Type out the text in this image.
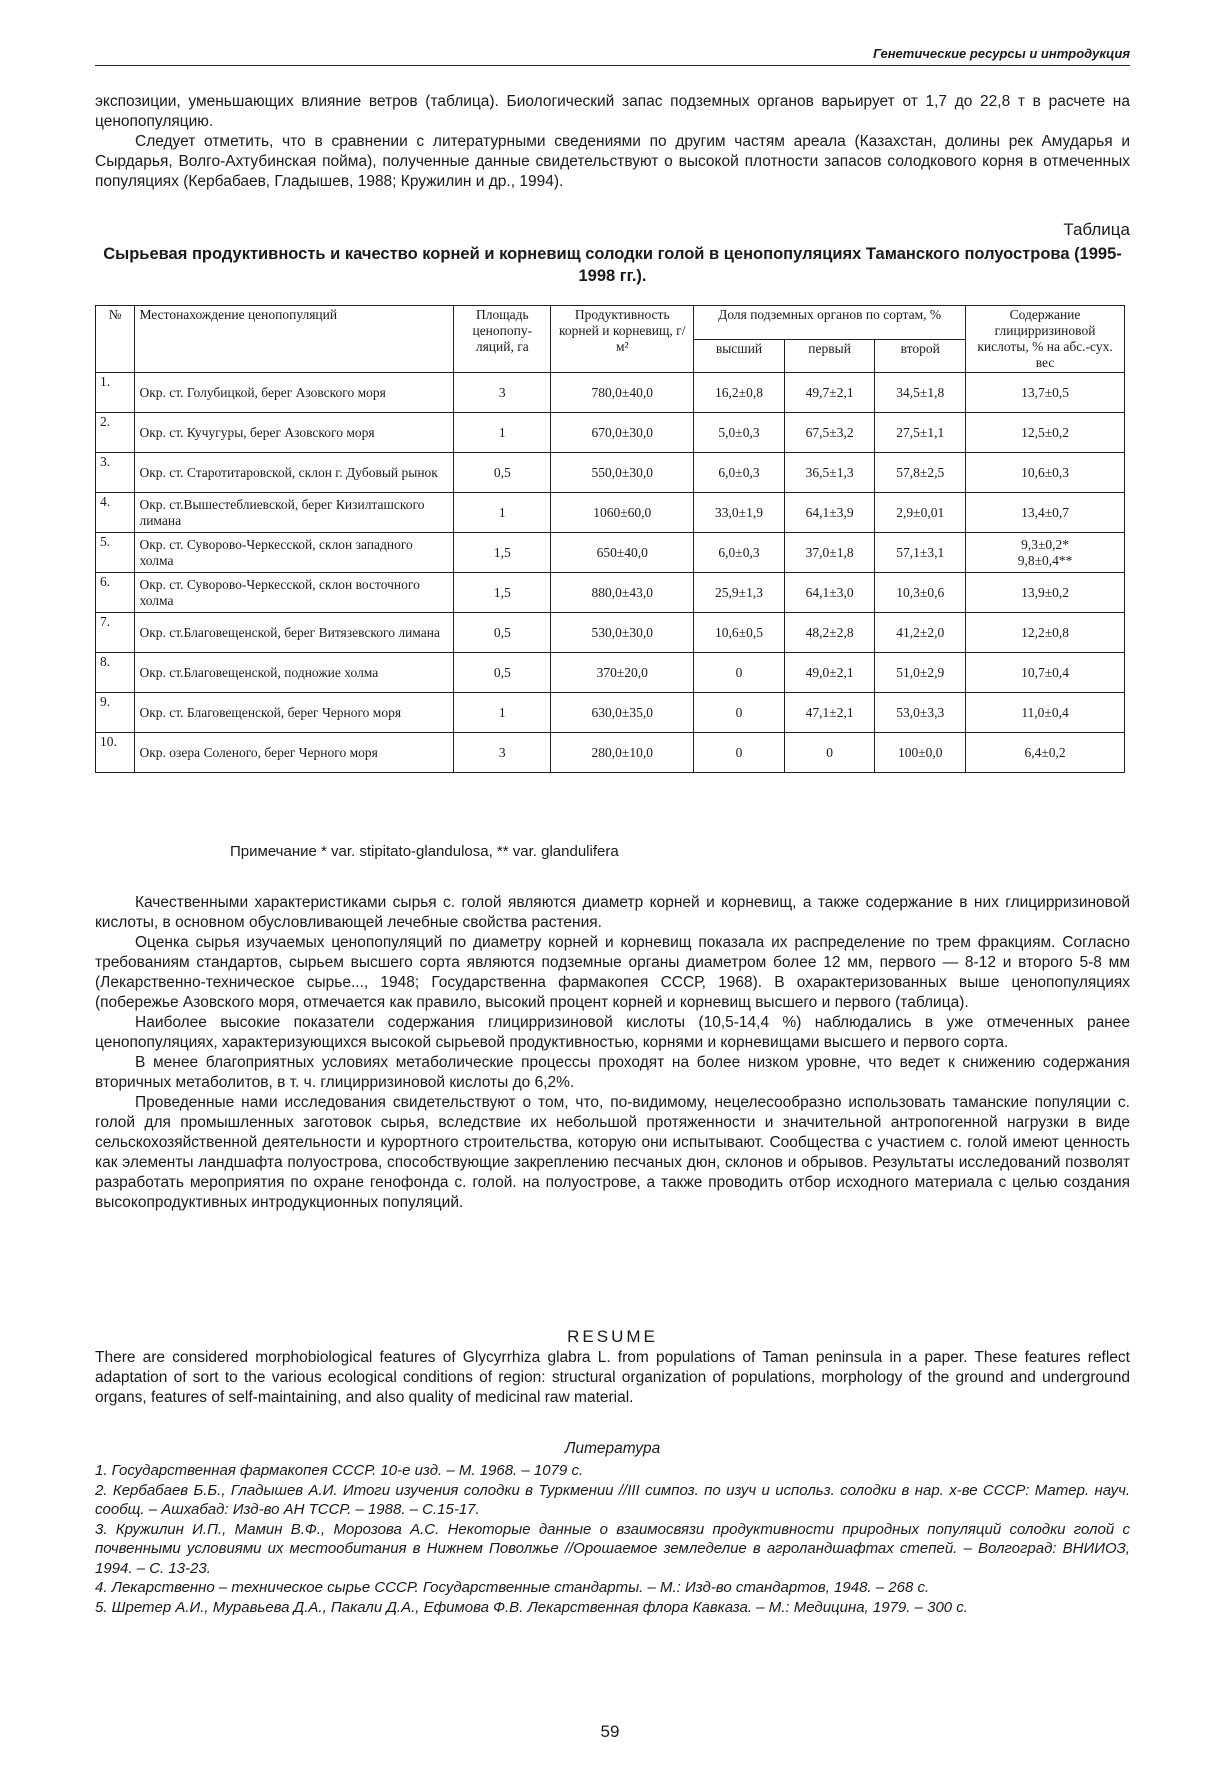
Генетические ресурсы и интродукция

экспозиции, уменьшающих влияние ветров (таблица). Биологический запас подземных органов варьирует от 1,7 до 22,8 т в расчете на ценопопуляцию.

Следует отметить, что в сравнении с литературными сведениями по другим частям ареала (Казахстан, долины рек Амударья и Сырдарья, Волго-Ахтубинская пойма), полученные данные свидетельствуют о высокой плотности запасов солодкового корня в отмеченных популяциях (Кербабаев, Гладышев, 1988; Кружилин и др., 1994).

Таблица
Сырьевая продуктивность и качество корней и корневищ солодки голой в ценопопуляциях Таманского полуострова (1995-1998 гг.).
№	Местонахождение ценопопуляций	Площадь ценопопу-ляций, га	Продуктивность корней и корневищ, г/м²	Доля подземных органов по сортам, %			Содержание глицирризиновой кислоты, % на абс.-сух. вес
				высший	первый	второй	
1.	Окр. ст. Голубицкой, берег Азовского моря	3	780,0±40,0	16,2±0,8	49,7±2,1	34,5±1,8	13,7±0,5
2.	Окр. ст. Кучугуры, берег Азовского моря	1	670,0±30,0	5,0±0,3	67,5±3,2	27,5±1,1	12,5±0,2
3.	Окр. ст. Старотитаровской, склон г. Дубовый рынок	0,5	550,0±30,0	6,0±0,3	36,5±1,3	57,8±2,5	10,6±0,3
4.	Окр. ст.Вышестеблиевской, берег Кизилташского лимана	1	1060±60,0	33,0±1,9	64,1±3,9	2,9±0,01	13,4±0,7
5.	Окр. ст. Суворово-Черкесской, склон западного холма	1,5	650±40,0	6,0±0,3	37,0±1,8	57,1±3,1	9,3±0,2*
9,8±0,4**

6.	Окр. ст. Суворово-Черкесской, склон восточного холма	1,5	880,0±43,0	25,9±1,3	64,1±3,0	10,3±0,6	13,9±0,2
7.	Окр. ст.Благовещенской, берег Витязевского лимана	0,5	530,0±30,0	10,6±0,5	48,2±2,8	41,2±2,0	12,2±0,8
8.	Окр. ст.Благовещенской, подножие холма	0,5	370±20,0	0	49,0±2,1	51,0±2,9	10,7±0,4
9.	Окр. ст. Благовещенской, берег Черного моря	1	630,0±35,0	0	47,1±2,1	53,0±3,3	11,0±0,4
10.	Окр. озера Соленого, берег Черного моря	3	280,0±10,0	0	0	100±0,0	6,4±0,2
Примечание * var. stipitato-glandulosa, ** var. glandulifera

Качественными характеристиками сырья с. голой являются диаметр корней и корневищ, а также содержание в них глицирризиновой кислоты, в основном обусловливающей лечебные свойства растения.

Оценка сырья изучаемых ценопопуляций по диаметру корней и корневищ показала их распределение по трем фракциям. Согласно требованиям стандартов, сырьем высшего сорта являются подземные органы диаметром более 12 мм, первого — 8-12 и второго 5-8 мм (Лекарственно-техническое сырье..., 1948; Государственна фармакопея СССР, 1968). В охарактеризованных выше ценопопуляциях (побережье Азовского моря, отмечается как правило, высокий процент корней и корневищ высшего и первого (таблица).

Наиболее высокие показатели содержания глицирризиновой кислоты (10,5-14,4 %) наблюдались в уже отмеченных ранее ценопопуляциях, характеризующихся высокой сырьевой продуктивностью, корнями и корневищами высшего и первого сорта.

В менее благоприятных условиях метаболические процессы проходят на более низком уровне, что ведет к снижению содержания вторичных метаболитов, в т. ч. глицирризиновой кислоты до 6,2%.

Проведенные нами исследования свидетельствуют о том, что, по-видимому, нецелесообразно использовать таманские популяции с. голой для промышленных заготовок сырья, вследствие их небольшой протяженности и значительной антропогенной нагрузки в виде сельскохозяйственной деятельности и курортного строительства, которую они испытывают. Сообщества с участием с. голой имеют ценность как элементы ландшафта полуострова, способствующие закреплению песчаных дюн, склонов и обрывов. Результаты исследований позволят разработать мероприятия по охране генофонда с. голой. на полуострове, а также проводить отбор исходного материала с целью создания высокопродуктивных интродукционных популяций.

RESUME

There are considered morphobiological features of Glycyrrhiza glabra L. from populations of Taman peninsula in a paper. These features reflect adaptation of sort to the various ecological conditions of region: structural organization of populations, morphology of the ground and underground organs, features of self-maintaining, and also quality of medicinal raw material.

Литература

1. Государственная фармакопея СССР. 10-е изд. – М. 1968. – 1079 с.

2. Кербабаев Б.Б., Гладышев А.И. Итоги изучения солодки в Туркмении //III симпоз. по изуч и использ. солодки в нар. х-ве СССР: Матер. науч. сообщ. – Ашхабад: Изд-во АН ТССР. – 1988. – С.15-17.

3. Кружилин И.П., Мамин В.Ф., Морозова А.С. Некоторые данные о взаимосвязи продуктивности природных популяций солодки голой с почвенными условиями их местообитания в Нижнем Поволжье //Орошаемое земледелие в агроландшафтах степей. – Волгоград: ВНИИОЗ, 1994. – С. 13-23.

4. Лекарственно – техническое сырье СССР. Государственные стандарты. – М.: Изд-во стандартов, 1948. – 268 с.

5. Шретер А.И., Муравьева Д.А., Пакали Д.А., Ефимова Ф.В. Лекарственная флора Кавказа. – М.: Медицина, 1979. – 300 с.

59
